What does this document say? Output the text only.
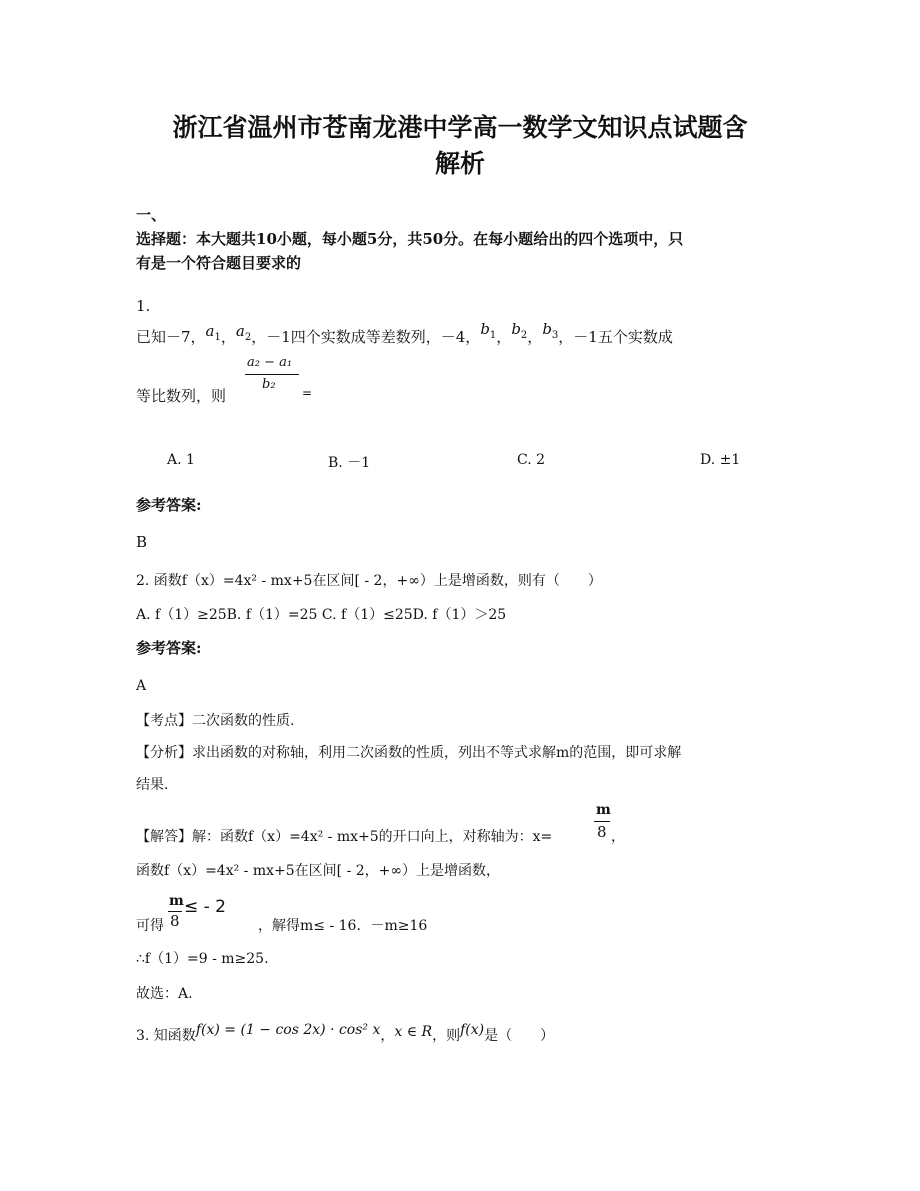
浙江省温州市苍南龙港中学高一数学文知识点试题含
解析
一、
选择题：本大题共10小题，每小题5分，共50分。在每小题给出的四个选项中，只
有是一个符合题目要求的
1.
已知－7，$a_1$，$a_2$，－1四个实数成等差数列，－4，$b_1$，$b_2$，$b_3$，－1五个实数成
a₂ − a₁
b₂
等比数列，则	=
A. 1	B. －1	C. 2	D. ±1
参考答案:
B
2. 函数f（x）=4x² - mx+5在区间[ - 2，+∞）上是增函数，则有（　　）
A. f（1）≥25B. f（1）=25 C. f（1）≤25D. f（1）＞25
参考答案:
A
【考点】二次函数的性质.
【分析】求出函数的对称轴，利用二次函数的性质，列出不等式求解m的范围，即可求解
结果.
【解答】解：函数f（x）=4x² - mx+5的开口向上，对称轴为：x=
m
8 ，
函数f（x）=4x² - mx+5在区间[ - 2，+∞）上是增函数，
可得
m
8
≤ - 2
，解得m≤ - 16．－m≥16
∴f（1）=9 - m≥25.
故选：A.
3. 知函数f(x) = (1 − cos 2x) · cos² x，x ∈ R，则f(x)是（　　）
